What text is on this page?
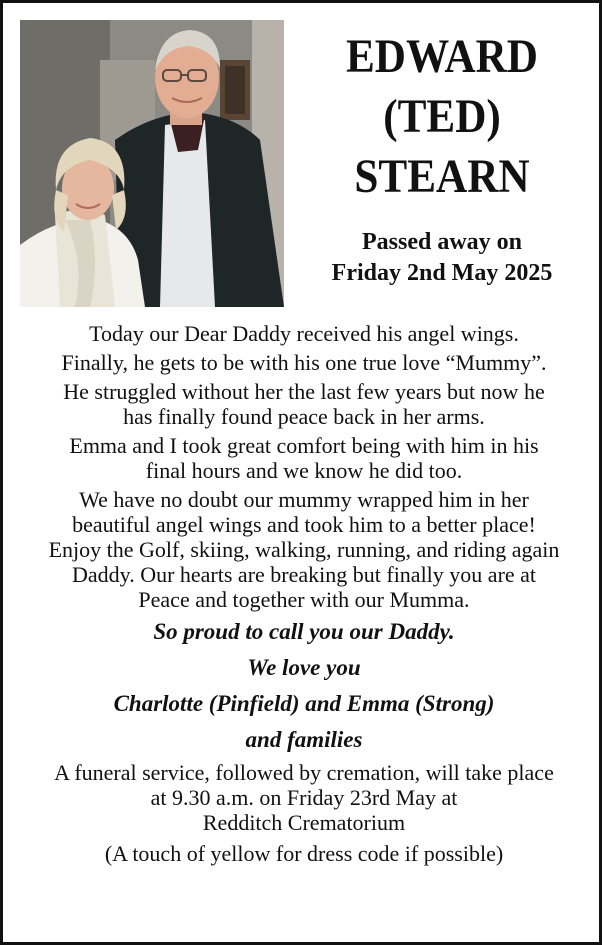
EDWARD
(TED)
STEARN
Passed away on
Friday 2nd May 2025

Today our Dear Daddy received his angel wings.

Finally, he gets to be with his one true love “Mummy”.

He struggled without her the last few years but now he
has finally found peace back in her arms.

Emma and I took great comfort being with him in his
final hours and we know he did too.

We have no doubt our mummy wrapped him in her
beautiful angel wings and took him to a better place!
Enjoy the Golf, skiing, walking, running, and riding again
Daddy. Our hearts are breaking but finally you are at
Peace and together with our Mumma.

So proud to call you our Daddy.

We love you

Charlotte (Pinfield) and Emma (Strong)

and families

A funeral service, followed by cremation, will take place

at 9.30 a.m. on Friday 23rd May at

Redditch Crematorium

(A touch of yellow for dress code if possible)
